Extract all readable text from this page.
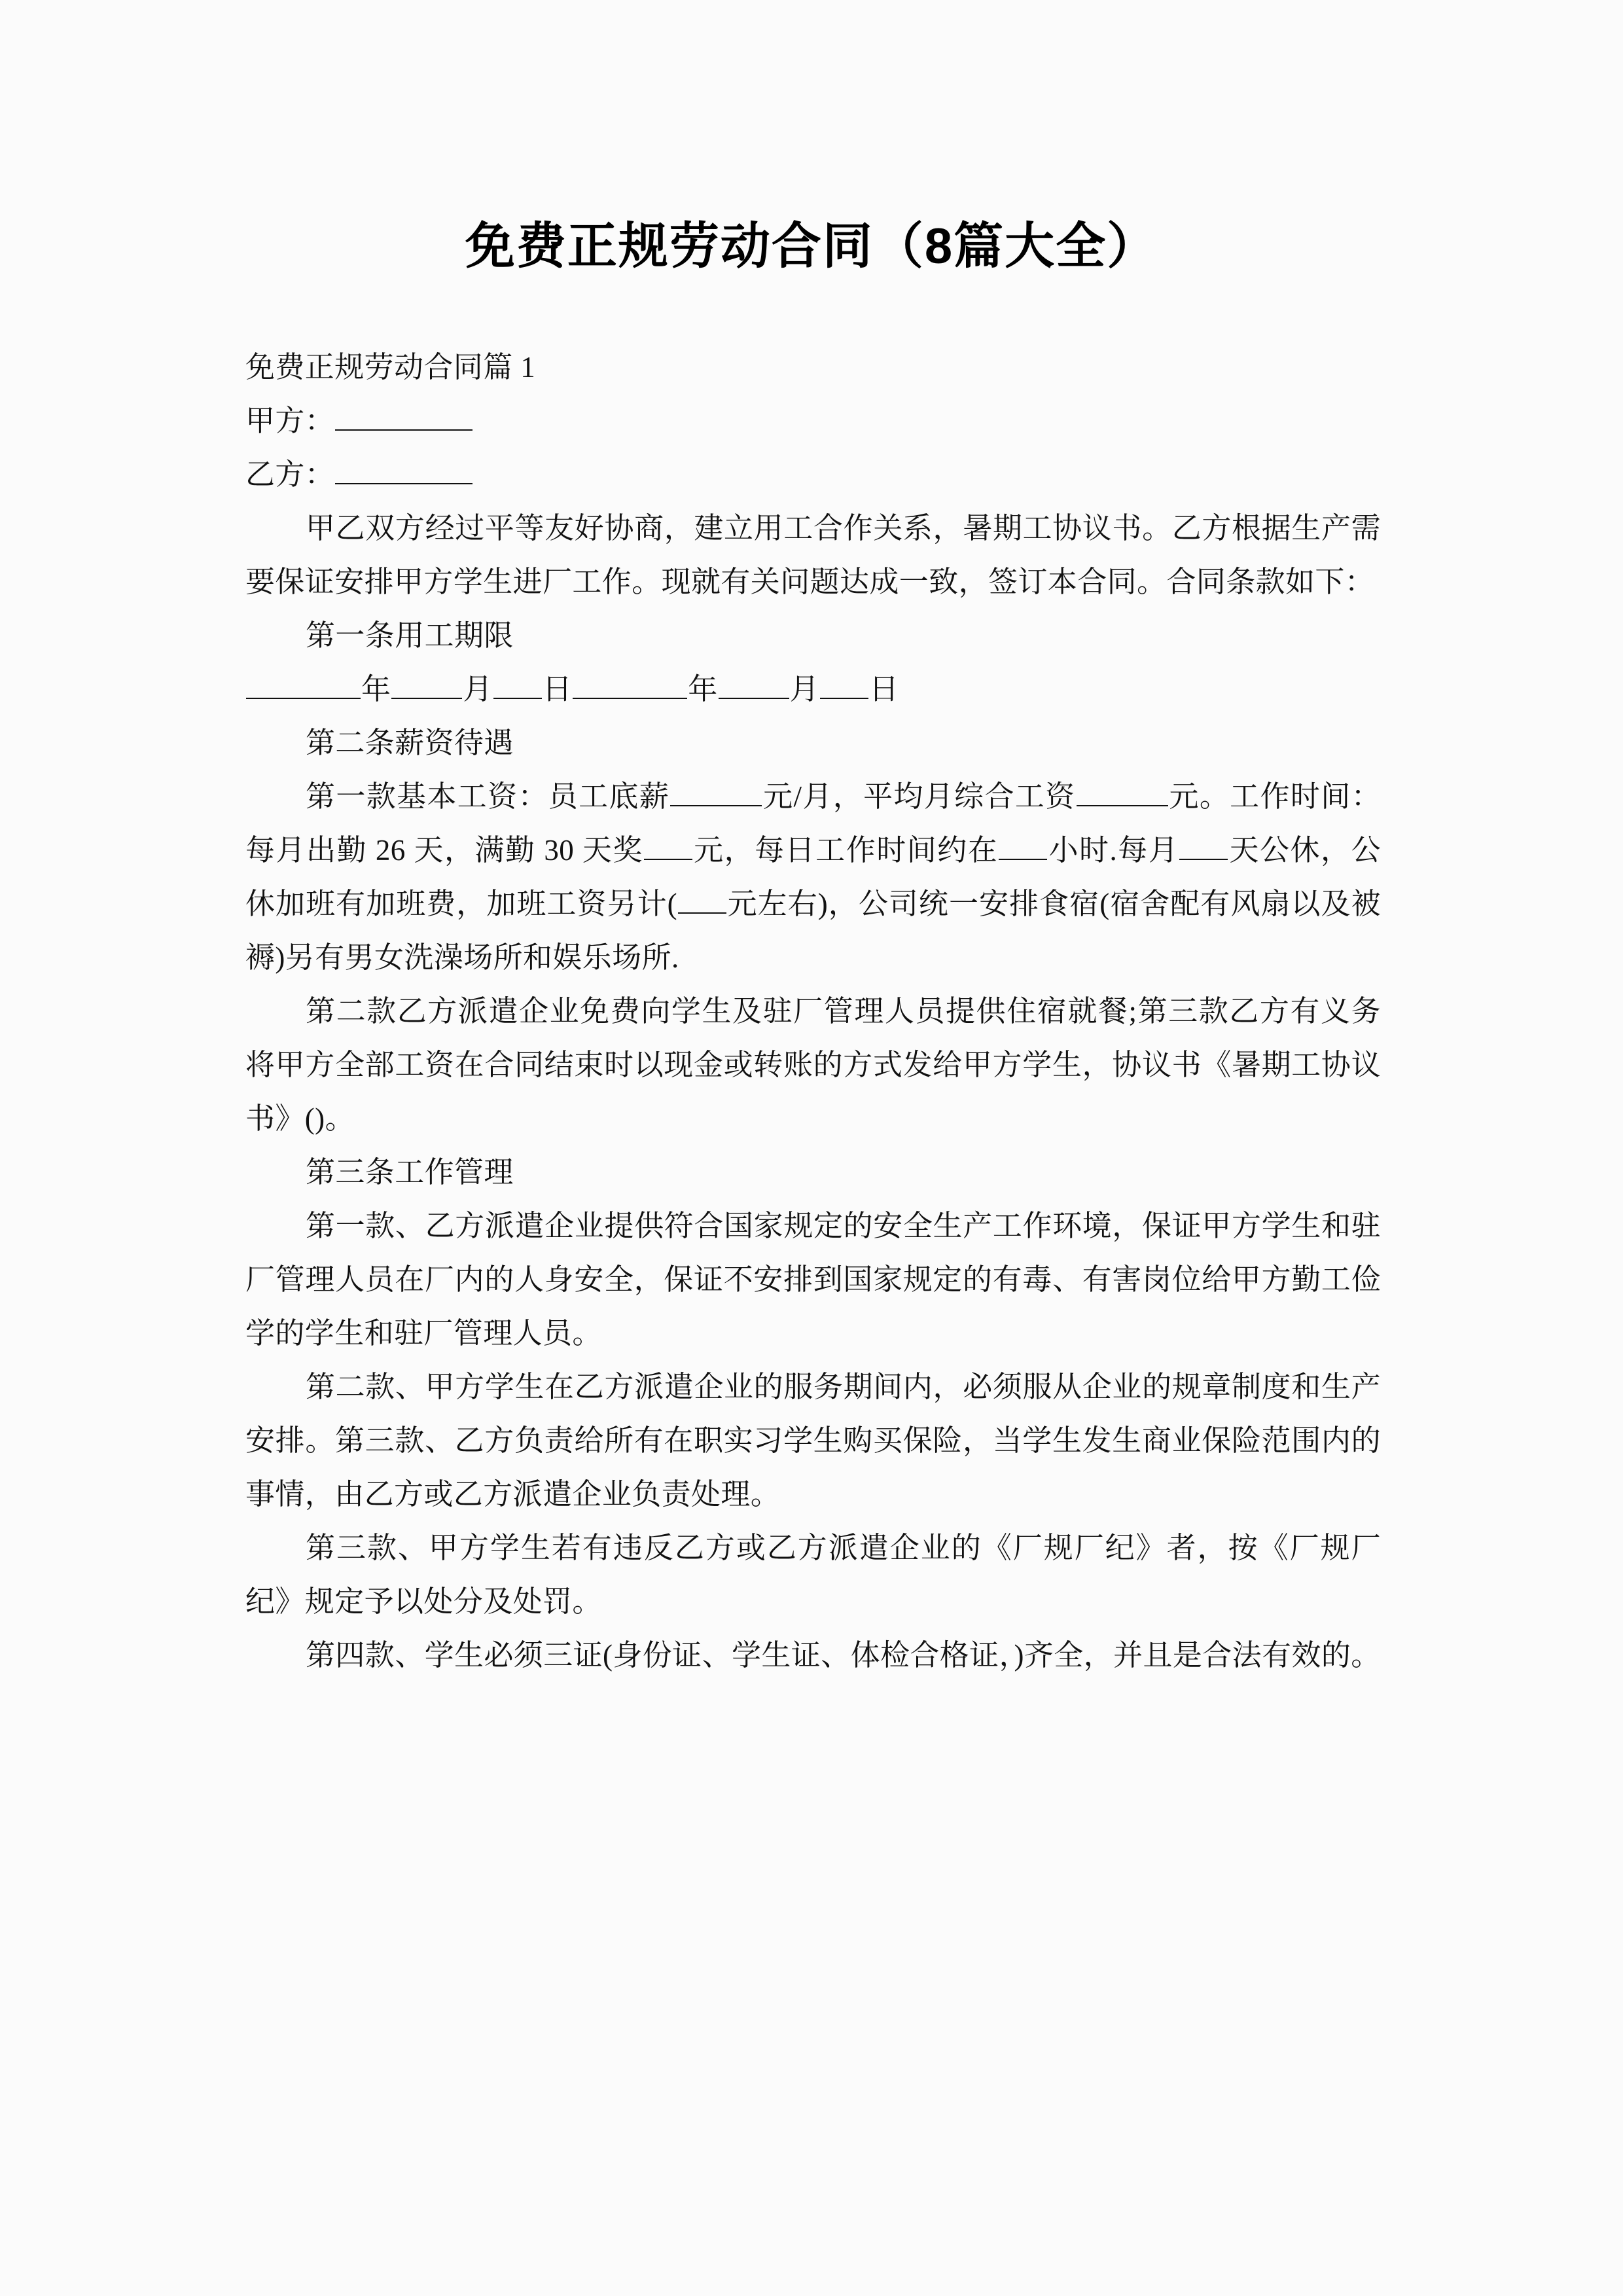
免费正规劳动合同（8篇大全）

免费正规劳动合同篇 1

甲方：

乙方：

甲乙双方经过平等友好协商，建立用工合作关系，暑期工协议书。乙方根据生产需要保证安排甲方学生进厂工作。现就有关问题达成一致，签订本合同。合同条款如下：

第一条用工期限

年 月 日	年 月 日

第二条薪资待遇

第一款基本工资：员工底薪	元/月，平均月综合工资	元。工作时间：每月出勤 26 天，满勤 30 天奖 元，每日工作时间约在 小时.每月 天公休，公休加班有加班费，加班工资另计( 元左右)，公司统一安排食宿(宿舍配有风扇以及被褥)另有男女洗澡场所和娱乐场所.

第二款乙方派遣企业免费向学生及驻厂管理人员提供住宿就餐;第三款乙方有义务将甲方全部工资在合同结束时以现金或转账的方式发给甲方学生，协议书《暑期工协议书》()。

第三条工作管理

第一款、乙方派遣企业提供符合国家规定的安全生产工作环境，保证甲方学生和驻厂管理人员在厂内的人身安全，保证不安排到国家规定的有毒、有害岗位给甲方勤工俭学的学生和驻厂管理人员。

第二款、甲方学生在乙方派遣企业的服务期间内，必须服从企业的规章制度和生产安排。第三款、乙方负责给所有在职实习学生购买保险，当学生发生商业保险范围内的事情，由乙方或乙方派遣企业负责处理。

第三款、甲方学生若有违反乙方或乙方派遣企业的《厂规厂纪》者，按《厂规厂纪》规定予以处分及处罚。

第四款、学生必须三证(身份证、学生证、体检合格证，)齐全，并且是合法有效的。
